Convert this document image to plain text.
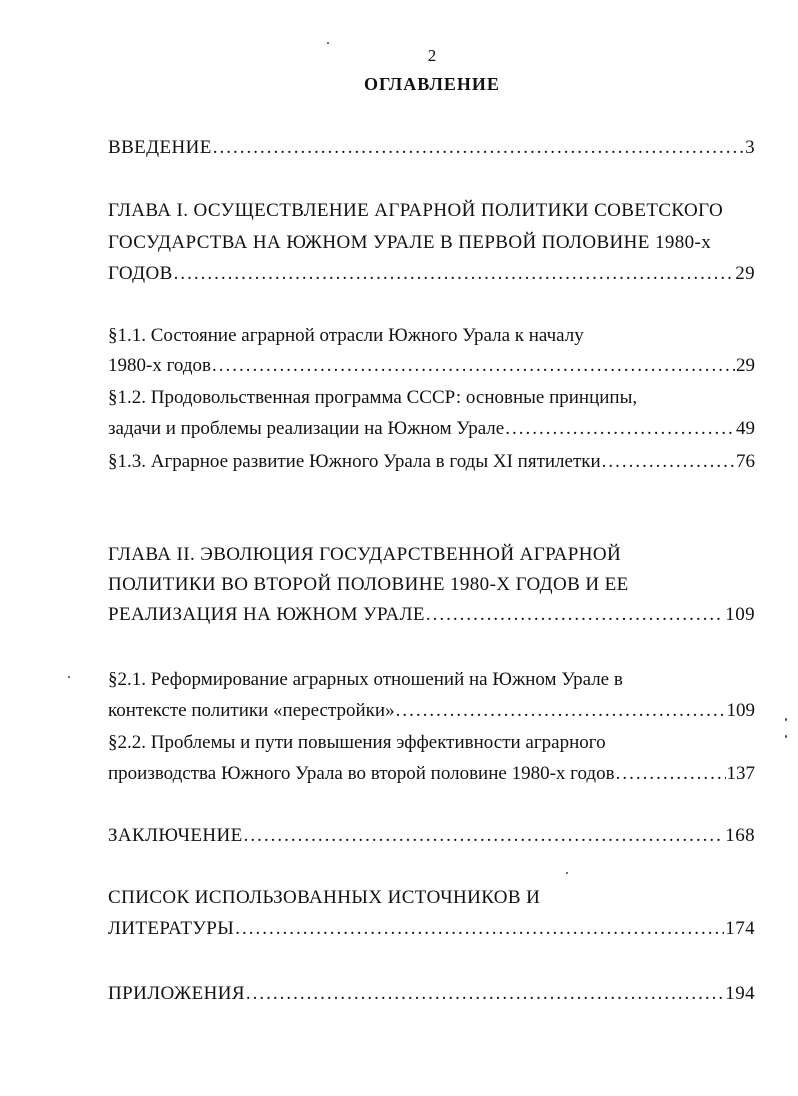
2
ОГЛАВЛЕНИЕ
ВВЕДЕНИЕ .....	3
ГЛАВА I. ОСУЩЕСТВЛЕНИЕ АГРАРНОЙ ПОЛИТИКИ СОВЕТСКОГО
ГОСУДАРСТВА НА ЮЖНОМ УРАЛЕ В ПЕРВОЙ ПОЛОВИНЕ 1980-х
ГОДОВ .....	29
§1.1. Состояние аграрной отрасли Южного Урала к началу
1980-х годов .....	29
§1.2. Продовольственная программа СССР: основные принципы,
задачи и проблемы реализации на Южном Урале .....	49
§1.3. Аграрное развитие Южного Урала в годы XI пятилетки .....	76
ГЛАВА II. ЭВОЛЮЦИЯ ГОСУДАРСТВЕННОЙ АГРАРНОЙ
ПОЛИТИКИ ВО ВТОРОЙ ПОЛОВИНЕ 1980-Х ГОДОВ И ЕЕ
РЕАЛИЗАЦИЯ НА ЮЖНОМ УРАЛЕ .....	109
§2.1. Реформирование аграрных отношений на Южном Урале в
контексте политики «перестройки» .....	109
§2.2. Проблемы и пути повышения эффективности аграрного
производства Южного Урала во второй половине 1980-х годов .....	137
ЗАКЛЮЧЕНИЕ .....	168
СПИСОК ИСПОЛЬЗОВАННЫХ ИСТОЧНИКОВ И
ЛИТЕРАТУРЫ .....	174
ПРИЛОЖЕНИЯ .....	194
